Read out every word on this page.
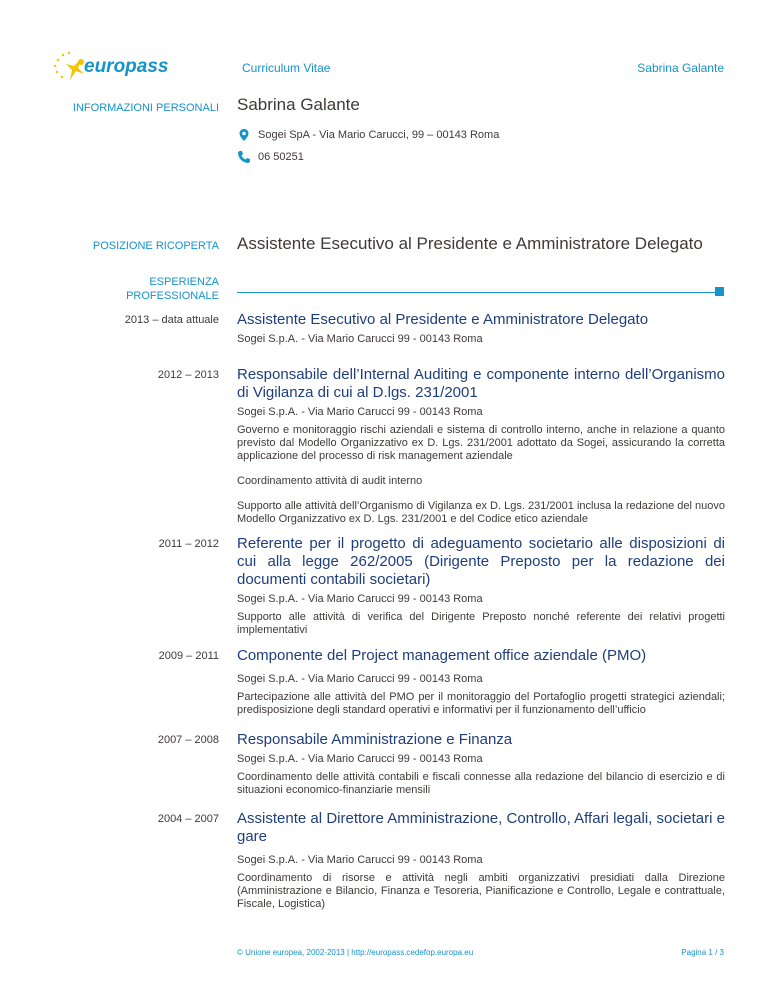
europass	Curriculum Vitae	Sabrina Galante
INFORMAZIONI PERSONALI Sabrina Galante
Sogei SpA - Via Mario Carucci, 99 – 00143 Roma
06 50251
POSIZIONE RICOPERTA Assistente Esecutivo al Presidente e Amministratore Delegato
ESPERIENZA
PROFESSIONALE
2013 – data attuale Assistente Esecutivo al Presidente e Amministratore Delegato
Sogei S.p.A. - Via Mario Carucci 99 - 00143 Roma
2012 – 2013 Responsabile dell’Internal Auditing e componente interno dell’Organismo di Vigilanza di cui al D.lgs. 231/2001
Sogei S.p.A. - Via Mario Carucci 99 - 00143 Roma
Governo e monitoraggio rischi aziendali e sistema di controllo interno, anche in relazione a quanto previsto dal Modello Organizzativo ex D. Lgs. 231/2001 adottato da Sogei, assicurando la corretta applicazione del processo di risk management aziendale
Coordinamento attività di audit interno
Supporto alle attività dell’Organismo di Vigilanza ex D. Lgs. 231/2001 inclusa la redazione del nuovo Modello Organizzativo ex D. Lgs. 231/2001 e del Codice etico aziendale
2011 – 2012 Referente per il progetto di adeguamento societario alle disposizioni di cui alla legge 262/2005 (Dirigente Preposto per la redazione dei documenti contabili societari)
Sogei S.p.A. - Via Mario Carucci 99 - 00143 Roma
Supporto alle attività di verifica del Dirigente Preposto nonché referente dei relativi progetti implementativi
2009 – 2011 Componente del Project management office aziendale (PMO)
Sogei S.p.A. - Via Mario Carucci 99 - 00143 Roma
Partecipazione alle attività del PMO per il monitoraggio del Portafoglio progetti strategici aziendali; predisposizione degli standard operativi e informativi per il funzionamento dell’ufficio
2007 – 2008 Responsabile Amministrazione e Finanza
Sogei S.p.A. - Via Mario Carucci 99 - 00143 Roma
Coordinamento delle attività contabili e fiscali connesse alla redazione del bilancio di esercizio e di situazioni economico-finanziarie mensili
2004 – 2007 Assistente al Direttore Amministrazione, Controllo, Affari legali, societari e gare
Sogei S.p.A. - Via Mario Carucci 99 - 00143 Roma
Coordinamento di risorse e attività negli ambiti organizzativi presidiati dalla Direzione (Amministrazione e Bilancio, Finanza e Tesoreria, Pianificazione e Controllo, Legale e contrattuale, Fiscale, Logistica)
© Unione europea, 2002-2013 | http://europass.cedefop.europa.eu	Pagina 1 / 3
